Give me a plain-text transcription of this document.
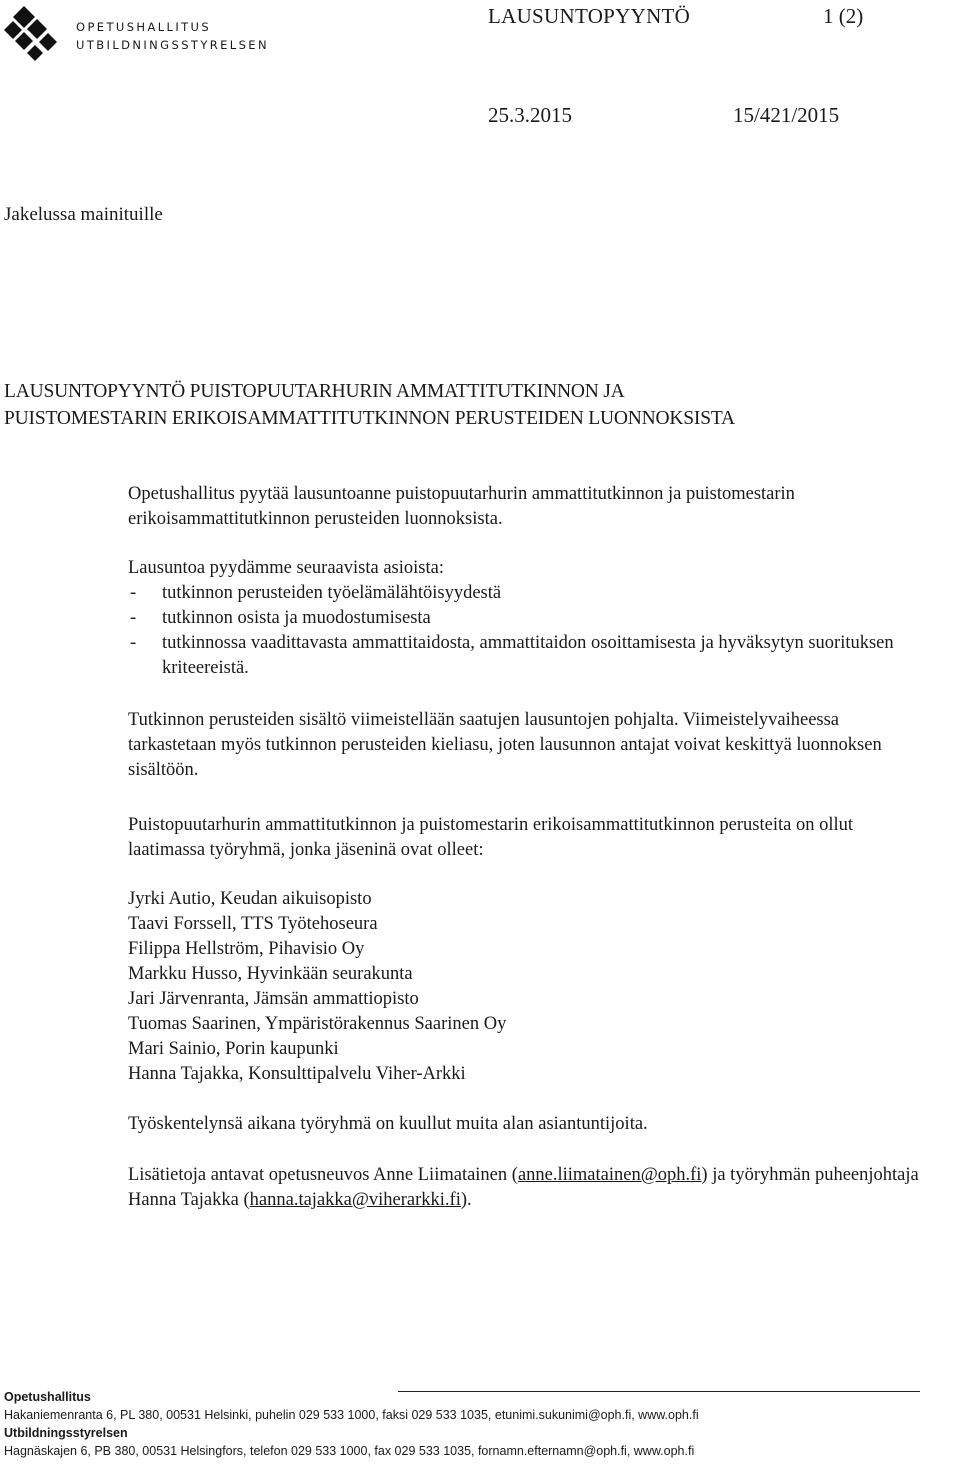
OPETUSHALLITUS
UTBILDNINGSSTYRELSEN
LAUSUNTOPYYNTÖ	1 (2)
25.3.2015	15/421/2015
Jakelussa mainituille
LAUSUNTOPYYNTÖ PUISTOPUUTARHURIN AMMATTITUTKINNON JA
PUISTOMESTARIN ERIKOISAMMATTITUTKINNON PERUSTEIDEN LUONNOKSISTA

Opetushallitus pyytää lausuntoanne puistopuutarhurin ammattitutkinnon ja puistomestarin erikoisammattitutkinnon perusteiden luonnoksista.

Lausuntoa pyydämme seuraavista asioista:

- tutkinnon perusteiden työelämälähtöisyydestä
- tutkinnon osista ja muodostumisesta
- tutkinnossa vaadittavasta ammattitaidosta, ammattitaidon osoittamisesta ja hyväksytyn suorituksen kriteereistä.

Tutkinnon perusteiden sisältö viimeistellään saatujen lausuntojen pohjalta. Viimeistelyvaiheessa tarkastetaan myös tutkinnon perusteiden kieliasu, joten lausunnon antajat voivat keskittyä luonnoksen sisältöön.

Puistopuutarhurin ammattitutkinnon ja puistomestarin erikoisammattitutkinnon perusteita on ollut laatimassa työryhmä, jonka jäseninä ovat olleet:

Jyrki Autio, Keudan aikuisopisto

Taavi Forssell, TTS Työtehoseura

Filippa Hellström, Pihavisio Oy

Markku Husso, Hyvinkään seurakunta

Jari Järvenranta, Jämsän ammattiopisto

Tuomas Saarinen, Ympäristörakennus Saarinen Oy

Mari Sainio, Porin kaupunki

Hanna Tajakka, Konsulttipalvelu Viher-Arkki

Työskentelynsä aikana työryhmä on kuullut muita alan asiantuntijoita.

Lisätietoja antavat opetusneuvos Anne Liimatainen (anne.liimatainen@oph.fi) ja työryhmän puheenjohtaja Hanna Tajakka (hanna.tajakka@viherarkki.fi).

Opetushallitus
Hakaniemenranta 6, PL 380, 00531 Helsinki, puhelin 029 533 1000, faksi 029 533 1035, etunimi.sukunimi@oph.fi, www.oph.fi
Utbildningsstyrelsen
Hagnäskajen 6, PB 380, 00531 Helsingfors, telefon 029 533 1000, fax 029 533 1035, fornamn.efternamn@oph.fi, www.oph.fi
